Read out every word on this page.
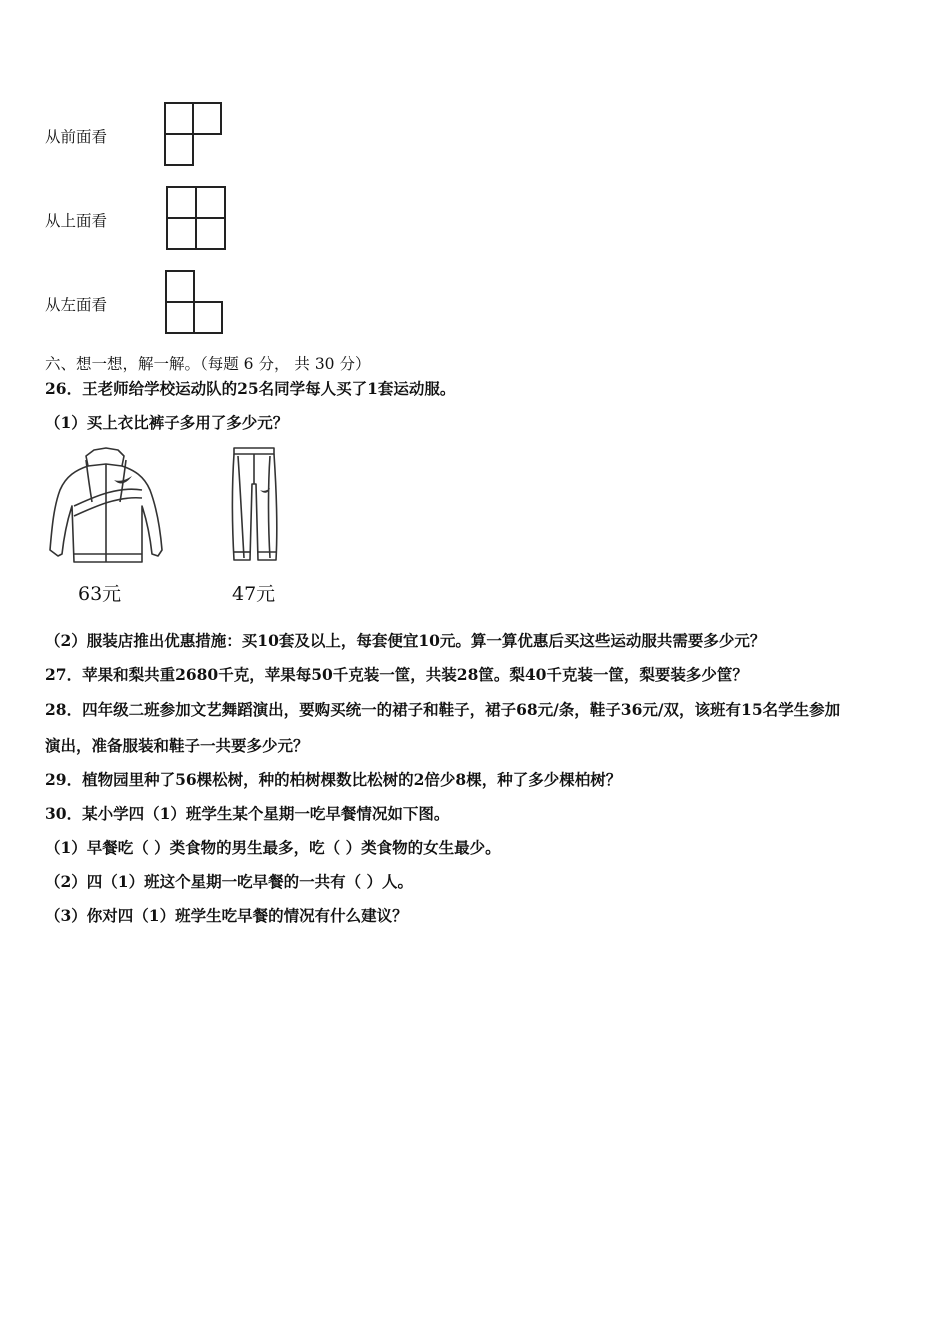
从前面看
从上面看
从左面看
六、想一想，解一解。（每题 6 分， 共 30 分）
26．王老师给学校运动队的25名同学每人买了1套运动服。
（1）买上衣比裤子多用了多少元？
63元	47元
（2）服装店推出优惠措施：买10套及以上，每套便宜10元。算一算优惠后买这些运动服共需要多少元？
27．苹果和梨共重2680千克，苹果每50千克装一筐，共装28筐。梨40千克装一筐，梨要装多少筐？
28．四年级二班参加文艺舞蹈演出，要购买统一的裙子和鞋子，裙子68元/条，鞋子36元/双，该班有15名学生参加
演出，准备服装和鞋子一共要多少元？
29．植物园里种了56棵松树，种的柏树棵数比松树的2倍少8棵，种了多少棵柏树？
30．某小学四（1）班学生某个星期一吃早餐情况如下图。
（1）早餐吃（ ）类食物的男生最多，吃（ ）类食物的女生最少。
（2）四（1）班这个星期一吃早餐的一共有（ ）人。
（3）你对四（1）班学生吃早餐的情况有什么建议？
